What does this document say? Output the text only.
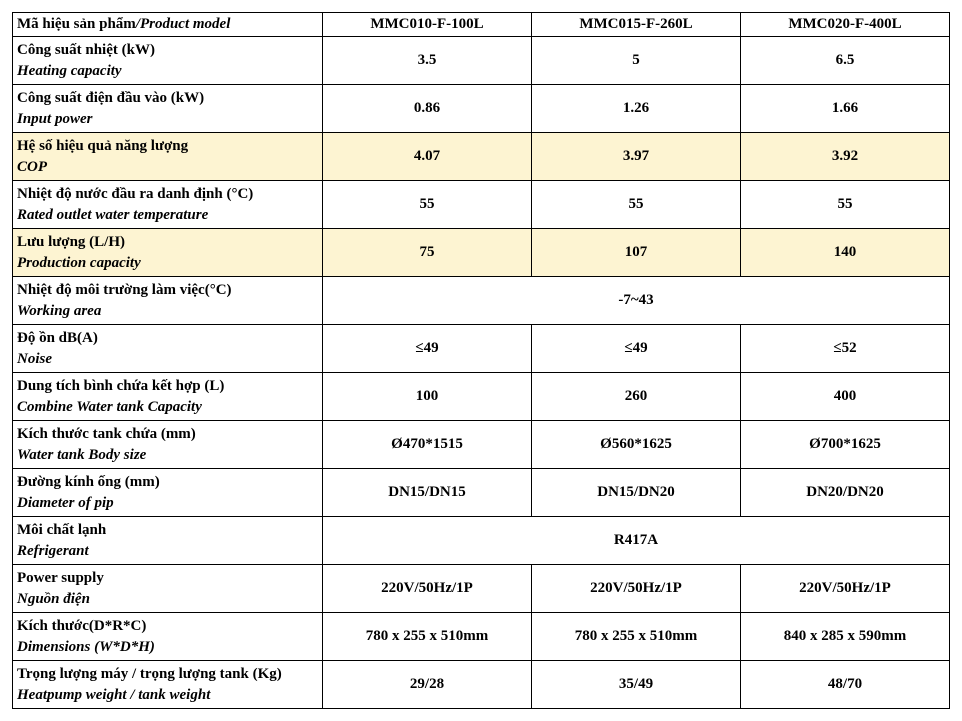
Mã hiệu sản phẩm/Product model	MMC010-F-100L	MMC015-F-260L	MMC020-F-400L

Công suất nhiệt (kW)
Heating capacity	3.5	5	6.5

Công suất điện đầu vào (kW)
Input power	0.86	1.26	1.66

Hệ số hiệu quả năng lượng
COP	4.07	3.97	3.92

Nhiệt độ nước đầu ra danh định (°C)
Rated outlet water temperature	55	55	55

Lưu lượng (L/H)
Production capacity	75	107	140

Nhiệt độ môi trường làm việc(°C)
Working area	-7~43		

Độ ồn dB(A)
Noise	≤49	≤49	≤52

Dung tích bình chứa kết hợp (L)
Combine Water tank Capacity	100	260	400

Kích thước tank chứa (mm)
Water tank Body size	Ø470*1515	Ø560*1625	Ø700*1625

Đường kính ống (mm)
Diameter of pip	DN15/DN15	DN15/DN20	DN20/DN20

Môi chất lạnh
Refrigerant	R417A		

Power supply
Nguồn điện	220V/50Hz/1P	220V/50Hz/1P	220V/50Hz/1P

Kích thước(D*R*C)
Dimensions (W*D*H)	780 x 255 x 510mm	780 x 255 x 510mm	840 x 285 x 590mm

Trọng lượng máy / trọng lượng tank (Kg)
Heatpump weight / tank weight	29/28	35/49	48/70
